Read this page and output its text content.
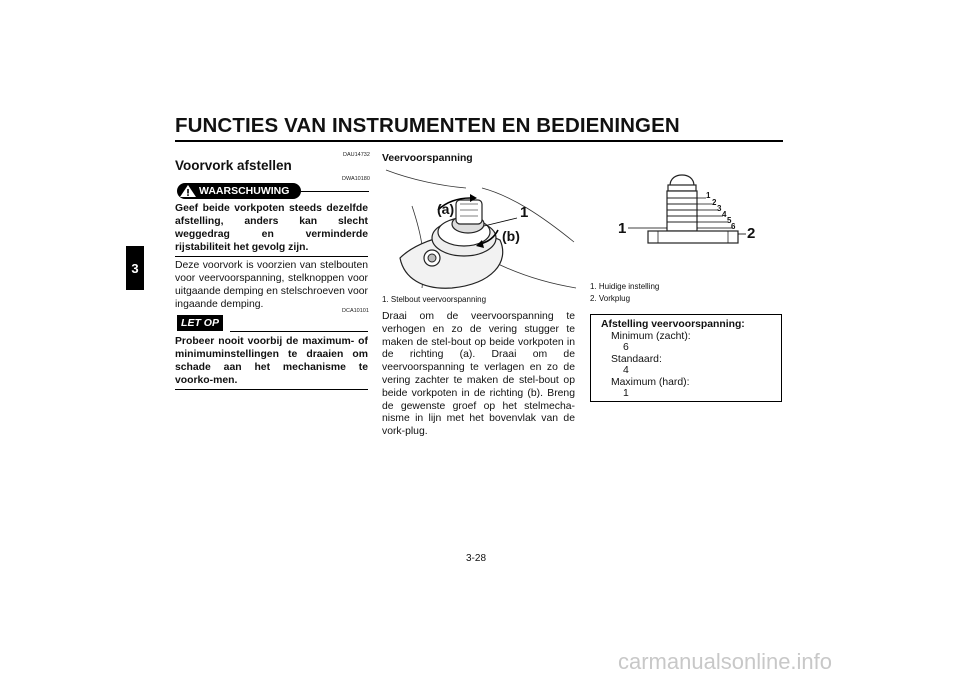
FUNCTIES VAN INSTRUMENTEN EN BEDIENINGEN
3
DAU14732
Voorvork afstellen
DWA10180
WAARSCHUWING
Geef beide vorkpoten steeds dezelfde afstelling, anders kan slecht weggedrag en verminderde rijstabiliteit het gevolg zijn.
Deze voorvork is voorzien van stelbouten voor veervoorspanning, stelknoppen voor uitgaande demping en stelschroeven voor ingaande demping.
DCA10101
LET OP
Probeer nooit voorbij de maximum- of minimuminstellingen te draaien om schade aan het mechanisme te voorko-men.
Veervoorspanning
(a)
(b)
1
1. Stelbout veervoorspanning
Draai om de veervoorspanning te verhogen en zo de vering stugger te maken de stel-bout op beide vorkpoten in de richting (a). Draai om de veervoorspanning te verlagen en zo de vering zachter te maken de stel-bout op beide vorkpoten in de richting (b). Breng de gewenste groef op het stelmecha-nisme in lijn met het bovenvlak van de vork-plug.
1
2
3
4
5
6
1	2
1. Huidige instelling
2. Vorkplug
Afstelling veervoorspanning:
Minimum (zacht):
6
Standaard:
4
Maximum (hard):
1
3-28
carmanualsonline.info
